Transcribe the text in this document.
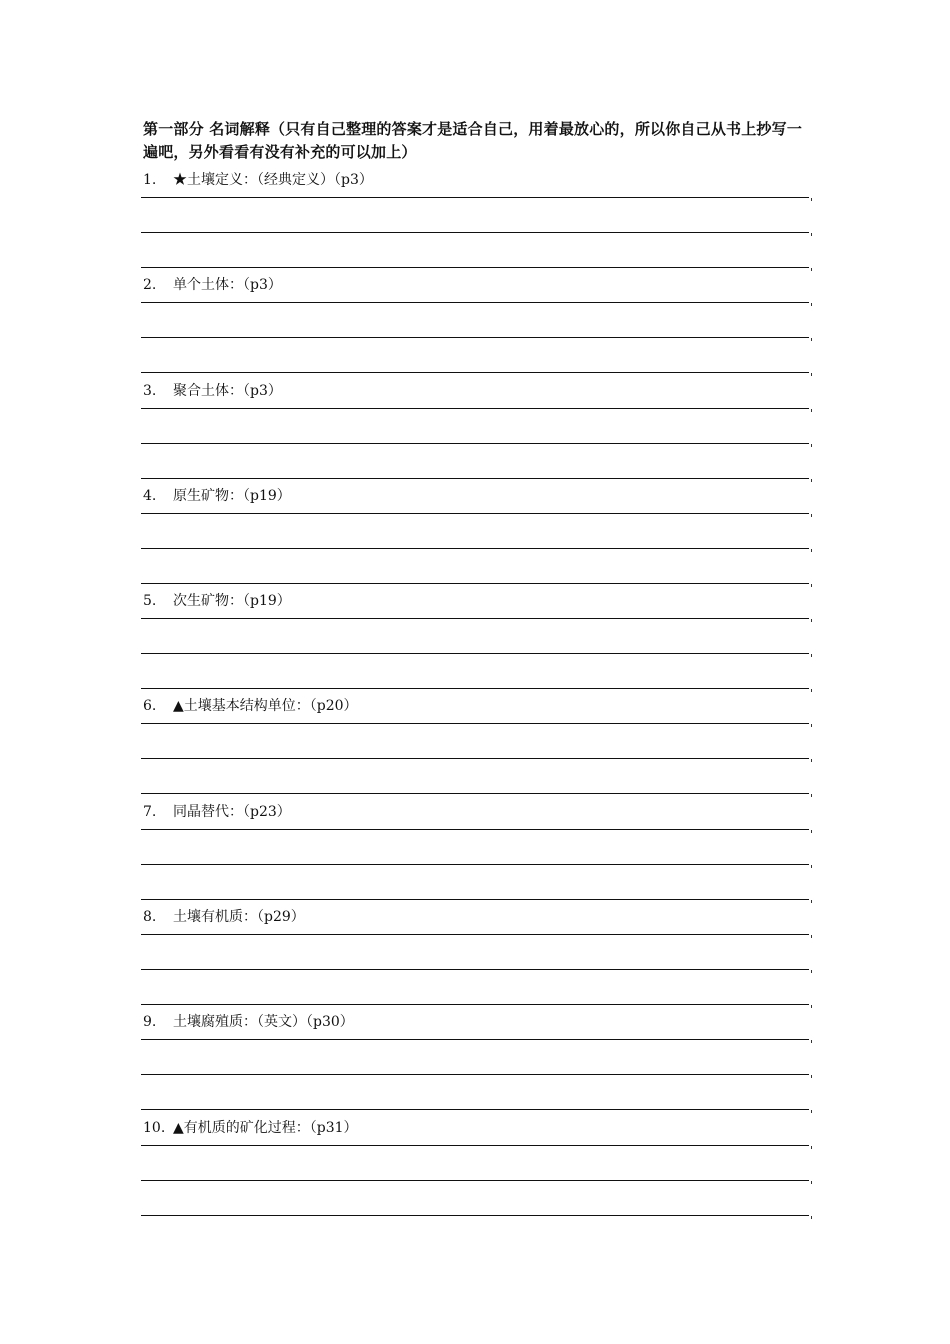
第一部分 名词解释（只有自己整理的答案才是适合自己，用着最放心的，所以你自己从书上抄写一遍吧，另外看看有没有补充的可以加上）
1. ★土壤定义：（经典定义）（p3）
2. 单个土体：（p3）
3. 聚合土体：（p3）
4. 原生矿物：（p19）
5. 次生矿物：（p19）
6. ▲土壤基本结构单位：（p20）
7. 同晶替代：（p23）
8. 土壤有机质：（p29）
9. 土壤腐殖质：（英文）（p30）
10. ▲有机质的矿化过程：（p31）
